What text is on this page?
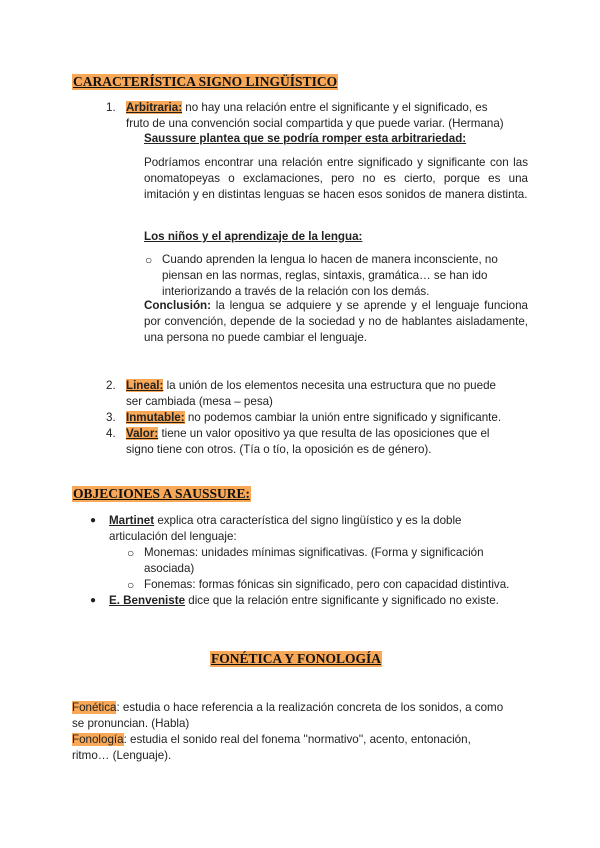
CARACTERÍSTICA SIGNO LINGÜÍSTICO
1. Arbitraria: no hay una relación entre el significante y el significado, es
fruto de una convención social compartida y que puede variar. (Hermana)
Saussure plantea que se podría romper esta arbitrariedad:
Podríamos encontrar una relación entre significado y significante con las onomatopeyas o exclamaciones, pero no es cierto, porque es una imitación y en distintas lenguas se hacen esos sonidos de manera distinta.
Los niños y el aprendizaje de la lengua:
○ Cuando aprenden la lengua lo hacen de manera inconsciente, no
piensan en las normas, reglas, sintaxis, gramática… se han ido
interiorizando a través de la relación con los demás.
Conclusión: la lengua se adquiere y se aprende y el lenguaje funciona por convención, depende de la sociedad y no de hablantes aisladamente, una persona no puede cambiar el lenguaje.
2. Lineal: la unión de los elementos necesita una estructura que no puede
ser cambiada (mesa – pesa)
3. Inmutable: no podemos cambiar la unión entre significado y significante.
4. Valor: tiene un valor opositivo ya que resulta de las oposiciones que el
signo tiene con otros. (Tía o tío, la oposición es de género).
OBJECIONES A SAUSSURE:
● Martinet explica otra característica del signo lingüístico y es la doble
articulación del lenguaje:
○ Monemas: unidades mínimas significativas. (Forma y significación
asociada)
○ Fonemas: formas fónicas sin significado, pero con capacidad distintiva.
● E. Benveniste dice que la relación entre significante y significado no existe.
FONÉTICA Y FONOLOGÍA
Fonética: estudia o hace referencia a la realización concreta de los sonidos, a como
se pronuncian. (Habla)
Fonología: estudia el sonido real del fonema ''normativo'', acento, entonación,
ritmo… (Lenguaje).
